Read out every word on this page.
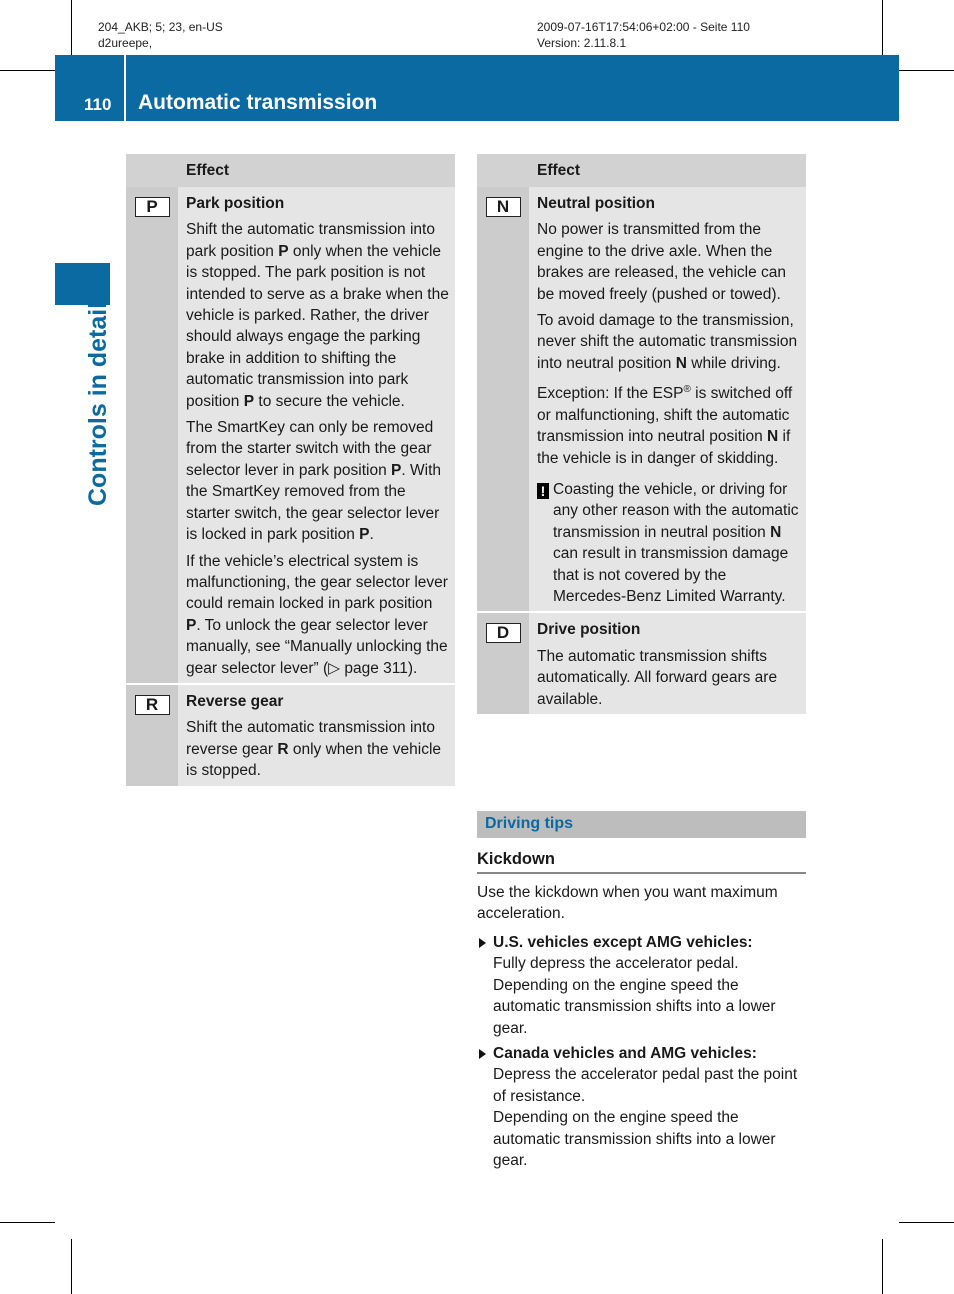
204_AKB; 5; 23, en-US
d2ureepe,
2009-07-16T17:54:06+02:00 - Seite 110
Version: 2.11.8.1
110 Automatic transmission
Controls in detail
	Effect
P	Park position
Shift the automatic transmission into park position P only when the vehicle is stopped. The park position is not intended to serve as a brake when the vehicle is parked. Rather, the driver should always engage the parking brake in addition to shifting the automatic transmission into park position P to secure the vehicle.
The SmartKey can only be removed from the starter switch with the gear selector lever in park position P. With the SmartKey removed from the starter switch, the gear selector lever is locked in park position P.
If the vehicle’s electrical system is malfunctioning, the gear selector lever could remain locked in park position P. To unlock the gear selector lever manually, see “Manually unlocking the gear selector lever” (▷ page 311).

R	Reverse gear
Shift the automatic transmission into reverse gear R only when the vehicle is stopped.
	Effect
N	Neutral position
No power is transmitted from the engine to the drive axle. When the brakes are released, the vehicle can be moved freely (pushed or towed).
To avoid damage to the transmission, never shift the automatic transmission into neutral position N while driving.
Exception: If the ESP® is switched off or malfunctioning, shift the automatic transmission into neutral position N if the vehicle is in danger of skidding.
! Coasting the vehicle, or driving for any other reason with the automatic transmission in neutral position N can result in transmission damage that is not covered by the Mercedes-Benz Limited Warranty.

D	Drive position
The automatic transmission shifts automatically. All forward gears are available.
Driving tips
Kickdown
Use the kickdown when you want maximum acceleration.
U.S. vehicles except AMG vehicles:
Fully depress the accelerator pedal. Depending on the engine speed the automatic transmission shifts into a lower gear.
Canada vehicles and AMG vehicles:
Depress the accelerator pedal past the point of resistance.
Depending on the engine speed the automatic transmission shifts into a lower gear.
